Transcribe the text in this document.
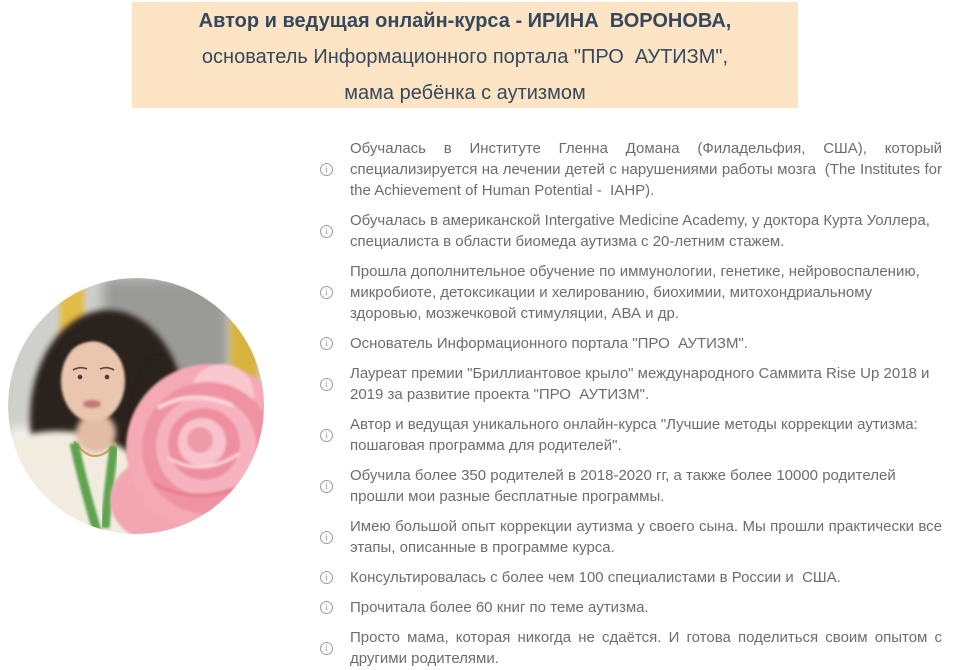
Автор и ведущая онлайн-курса - ИРИНА  ВОРОНОВА,
основатель Информационного портала "ПРО  АУТИЗМ",
мама ребёнка с аутизмом
i
Обучалась в Институте Гленна Домана (Филадельфия, США), который специализируется на лечении детей с нарушениями работы мозга  (The Institutes for the Achievement of Human Potential -  IAHP).
i
Обучалась в американской Intergative Medicine Academy, у доктора Курта Уоллера, специалиста в области биомеда аутизма с 20-летним стажем.
i
Прошла дополнительное обучение по иммунологии, генетике, нейровоспалению, микробиоте, детоксикации и хелированию, биохимии, митохондриальному здоровью, мозжечковой стимуляции, АВА и др.
i	Основатель Информационного портала "ПРО  АУТИЗМ".
i
Лауреат премии "Бриллиантовое крыло" международного Саммита Rise Up 2018 и 2019 за развитие проекта "ПРО  АУТИЗМ".
i
Автор и ведущая уникального онлайн-курса "Лучшие методы коррекции аутизма: пошаговая программа для родителей".
i
Обучила более 350 родителей в 2018-2020 гг, а также более 10000 родителей прошли мои разные бесплатные программы.
i
Имею большой опыт коррекции аутизма у своего сына. Мы прошли практически все этапы, описанные в программе курса.
i	Консультировалась с более чем 100 специалистами в России и  США.
i	Прочитала более 60 книг по теме аутизма.
i
Просто мама, которая никогда не сдаётся. И готова поделиться своим опытом с другими родителями.
